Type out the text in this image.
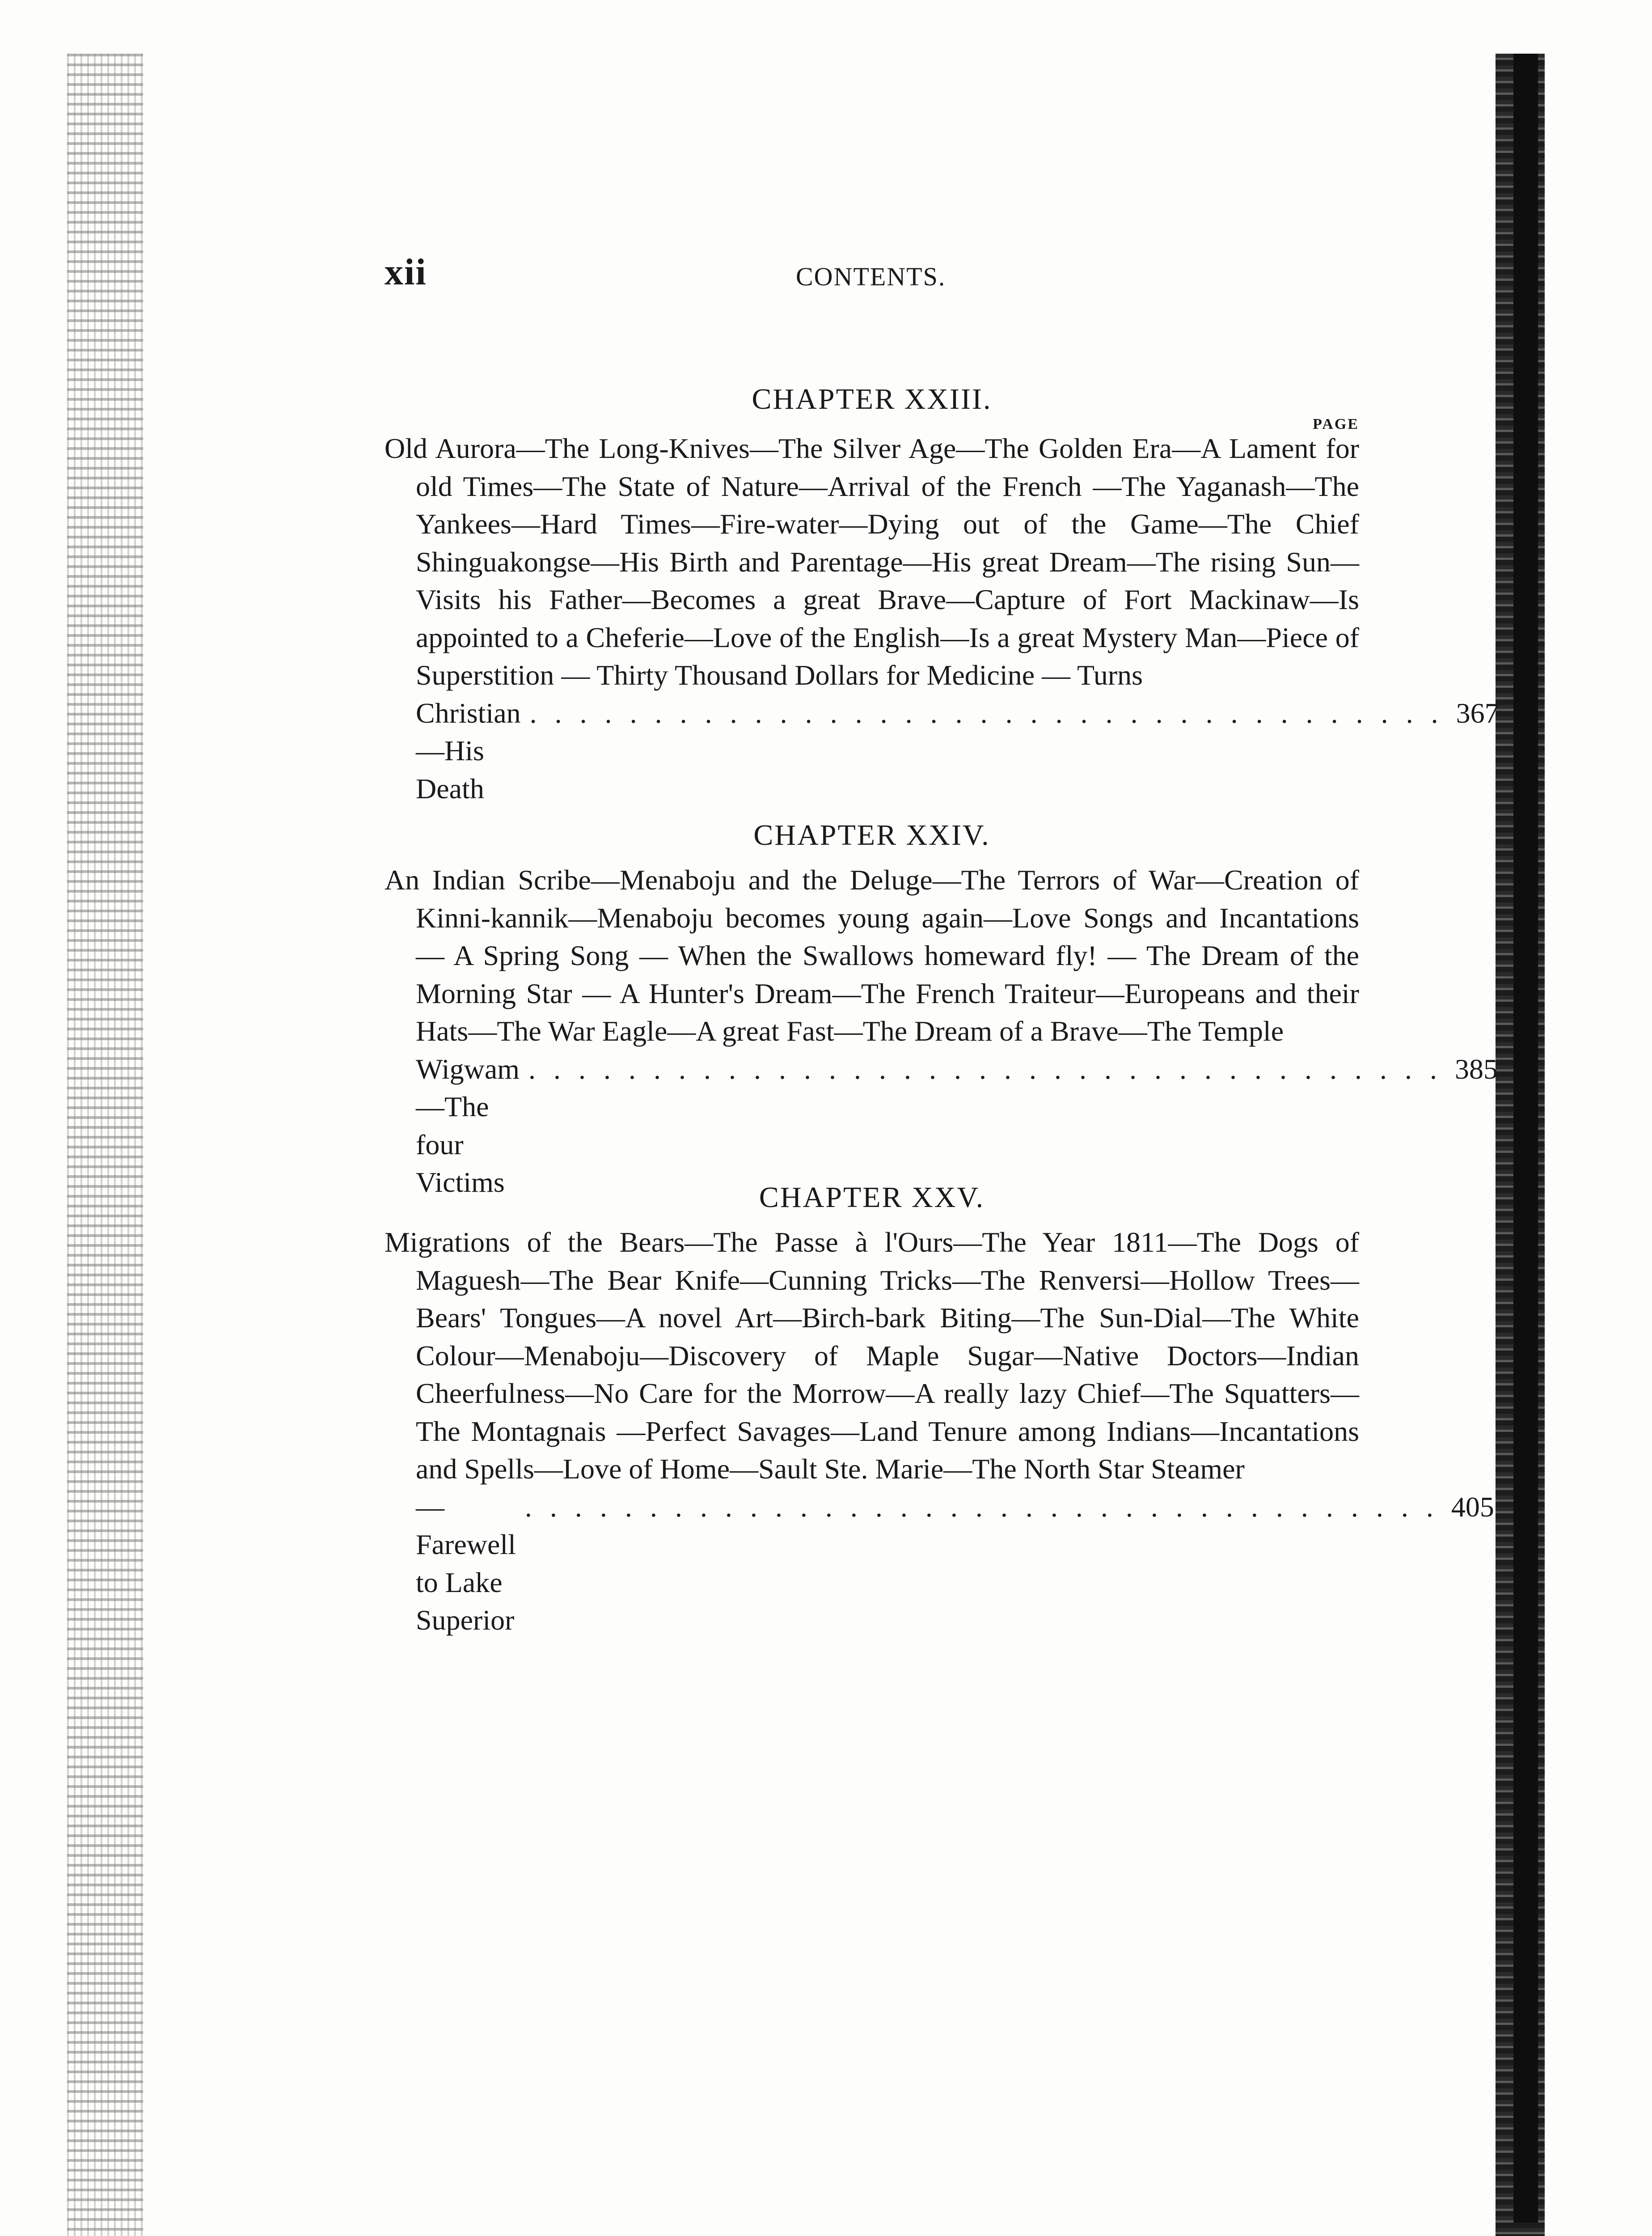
xii	CONTENTS.
CHAPTER XXIII.
PAGE

Old Aurora—The Long-Knives—The Silver Age—The Golden Era—A Lament for old Times—The State of Nature—Arrival of the French —The Yaganash—The Yankees—Hard Times—Fire-water—Dying out of the Game—The Chief Shinguakongse—His Birth and Parentage—His great Dream—The rising Sun—Visits his Father—Becomes a great Brave—Capture of Fort Mackinaw—Is appointed to a Cheferie—Love of the English—Is a great Mystery Man—Piece of Superstition — Thirty Thousand Dollars for Medicine — Turns

Christian—His Death
..................................... 367
CHAPTER XXIV.

An Indian Scribe—Menaboju and the Deluge—The Terrors of War—Creation of Kinni-kannik—Menaboju becomes young again—Love Songs and Incantations — A Spring Song — When the Swallows homeward fly! — The Dream of the Morning Star — A Hunter's Dream—The French Traiteur—Europeans and their Hats—The War Eagle—A great Fast—The Dream of a Brave—The Temple

Wigwam—The four Victims
..................................... 385
CHAPTER XXV.

Migrations of the Bears—The Passe à l'Ours—The Year 1811—The Dogs of Maguesh—The Bear Knife—Cunning Tricks—The Renversi—Hollow Trees—Bears' Tongues—A novel Art—Birch-bark Biting—The Sun-Dial—The White Colour—Menaboju—Discovery of Maple Sugar—Native Doctors—Indian Cheerfulness—No Care for the Morrow—A really lazy Chief—The Squatters—The Montagnais —Perfect Savages—Land Tenure among Indians—Incantations and Spells—Love of Home—Sault Ste. Marie—The North Star Steamer

—Farewell to Lake Superior
..................................... 405
